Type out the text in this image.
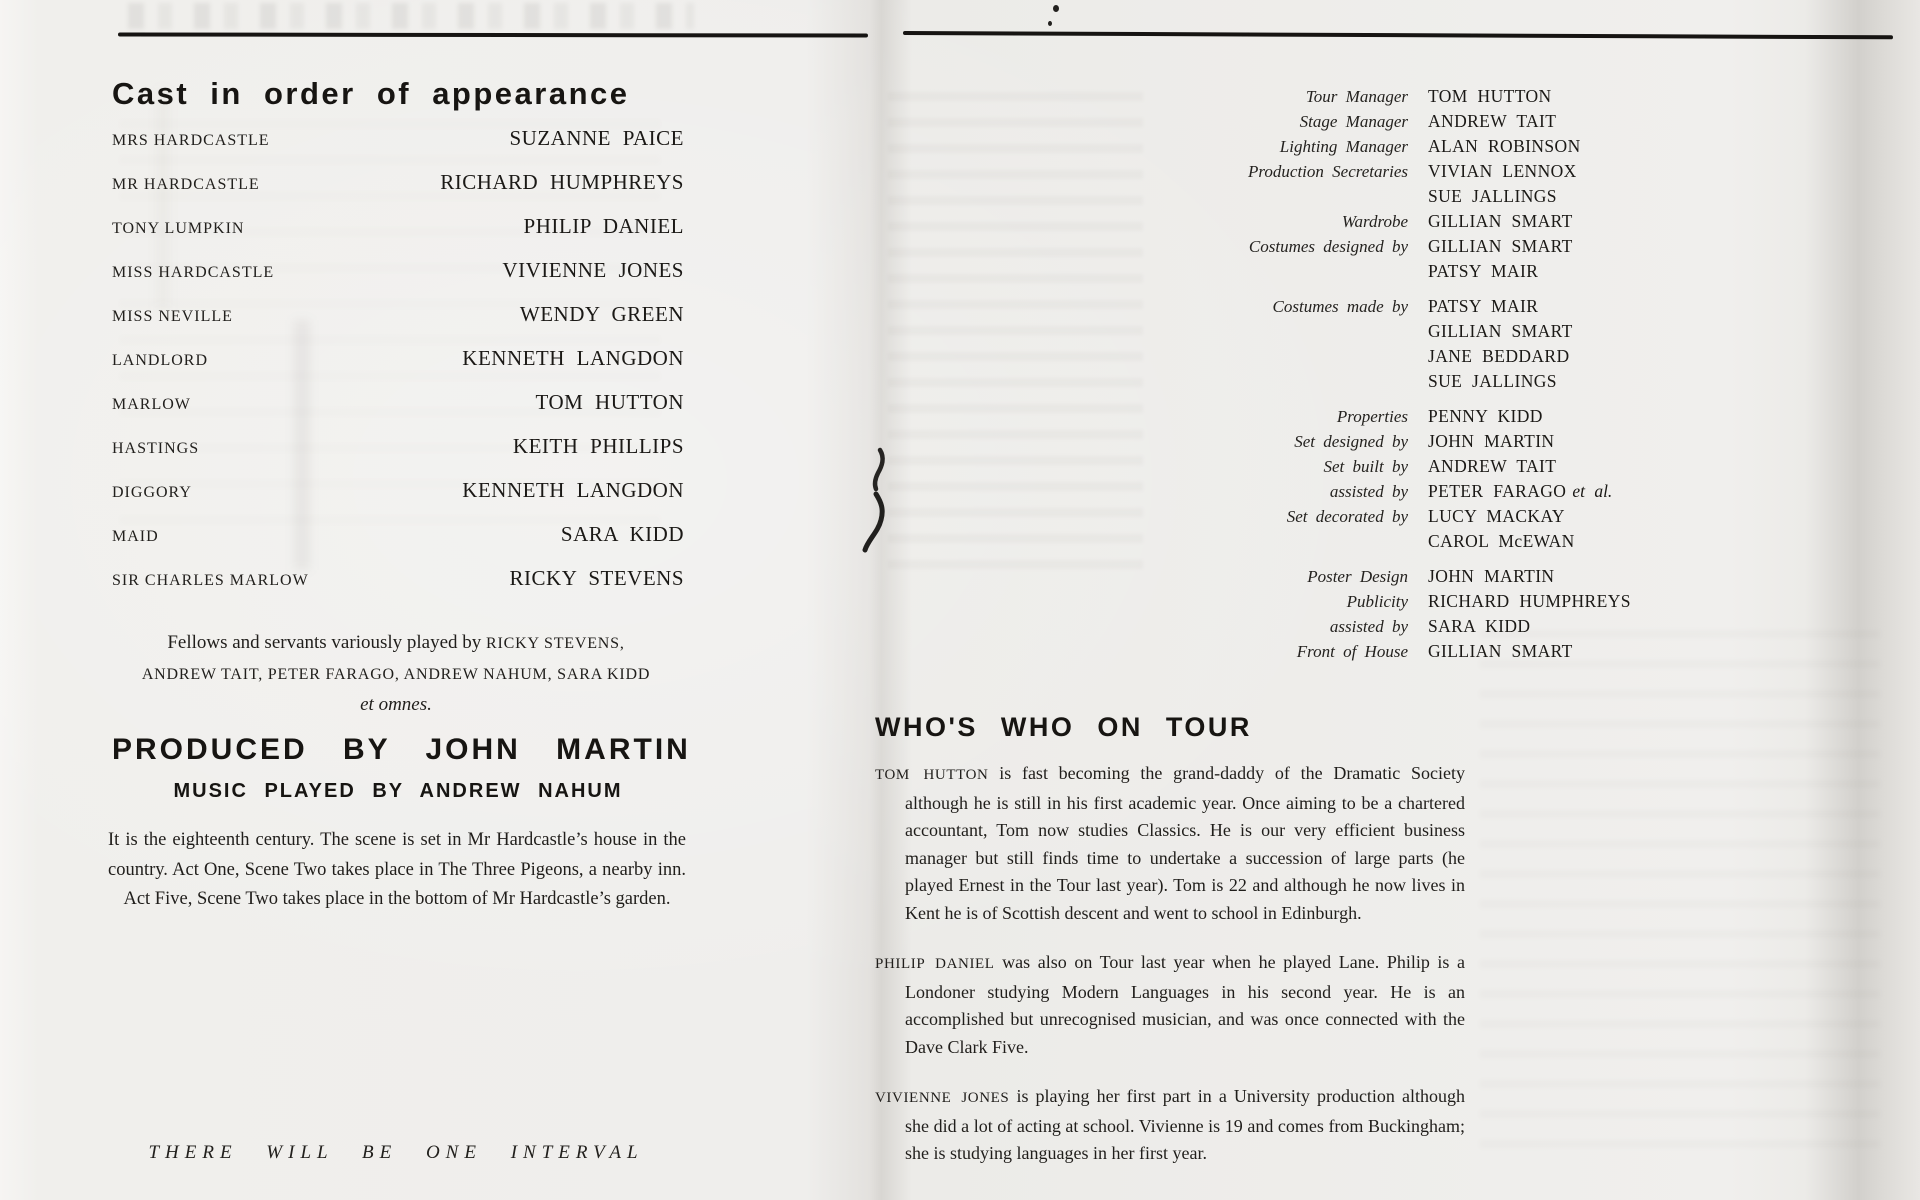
Cast in order of appearance
MRS HARDCASTLE	SUZANNE PAICE
MR HARDCASTLE	RICHARD HUMPHREYS
TONY LUMPKIN	PHILIP DANIEL
MISS HARDCASTLE	VIVIENNE JONES
MISS NEVILLE	WENDY GREEN
LANDLORD	KENNETH LANGDON
MARLOW	TOM HUTTON
HASTINGS	KEITH PHILLIPS
DIGGORY	KENNETH LANGDON
MAID	SARA KIDD
SIR CHARLES MARLOW	RICKY STEVENS
Fellows and servants variously played by RICKY STEVENS,
ANDREW TAIT, PETER FARAGO, ANDREW NAHUM, SARA KIDD
et omnes.
PRODUCED BY JOHN MARTIN
MUSIC PLAYED BY ANDREW NAHUM
It is the eighteenth century. The scene is set in Mr Hardcastle’s house in the country. Act One, Scene Two takes place in The Three Pigeons, a nearby inn. Act Five, Scene Two takes place in the bottom of Mr Hardcastle’s garden.
THERE WILL BE ONE INTERVAL
Tour Manager TOM HUTTON
Stage Manager ANDREW TAIT
Lighting Manager ALAN ROBINSON
Production Secretaries VIVIAN LENNOX
SUE JALLINGS
Wardrobe GILLIAN SMART
Costumes designed by GILLIAN SMART
PATSY MAIR
Costumes made by PATSY MAIR
GILLIAN SMART
JANE BEDDARD
SUE JALLINGS
Properties PENNY KIDD
Set designed by JOHN MARTIN
Set built by ANDREW TAIT
assisted by PETER FARAGO et al.
Set decorated by LUCY MACKAY
CAROL McEWAN
Poster Design JOHN MARTIN
Publicity RICHARD HUMPHREYS
assisted by SARA KIDD
Front of House GILLIAN SMART
WHO'S WHO ON TOUR

TOM HUTTON is fast becoming the grand-daddy of the Dramatic Society although he is still in his first academic year. Once aiming to be a chartered accountant, Tom now studies Classics. He is our very efficient business manager but still finds time to undertake a succession of large parts (he played Ernest in the Tour last year). Tom is 22 and although he now lives in Kent he is of Scottish descent and went to school in Edinburgh.

PHILIP DANIEL was also on Tour last year when he played Lane. Philip is a Londoner studying Modern Languages in his second year. He is an accomplished but unrecognised musician, and was once connected with the Dave Clark Five.

VIVIENNE JONES is playing her first part in a University production although she did a lot of acting at school. Vivienne is 19 and comes from Buckingham; she is studying languages in her first year.
